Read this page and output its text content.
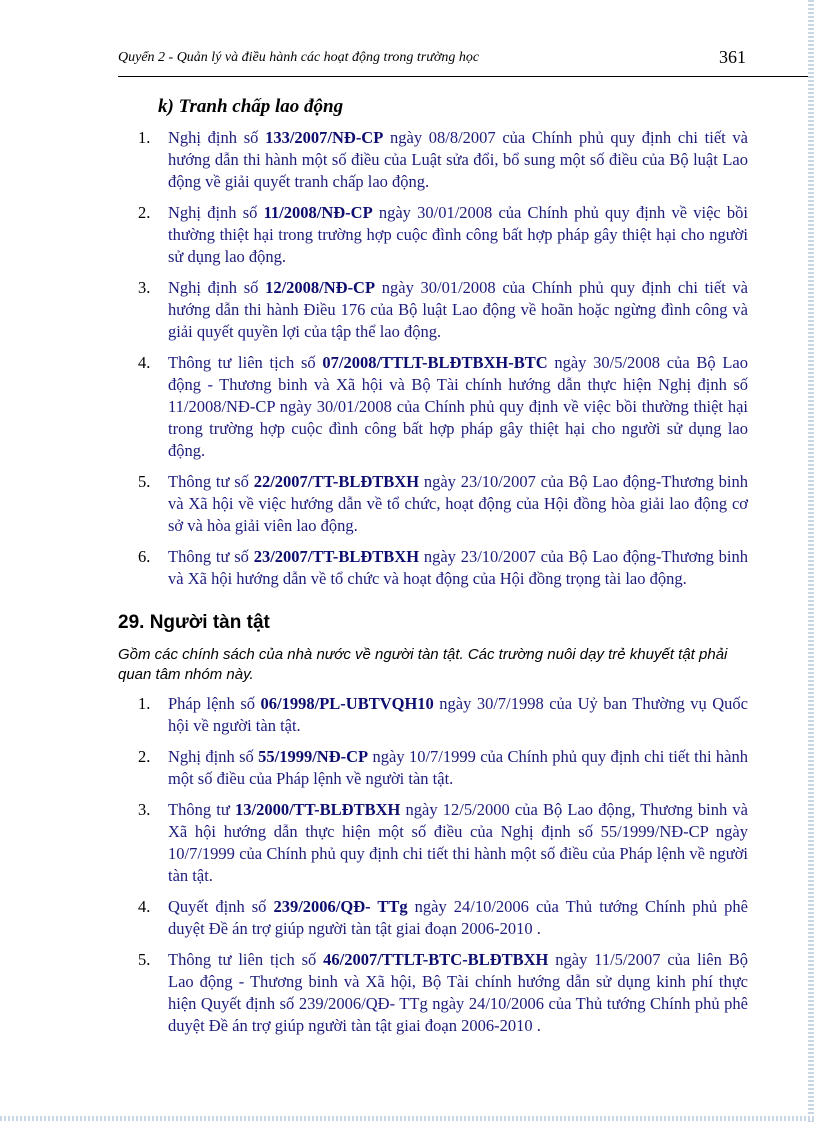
Quyển 2 - Quản lý và điều hành các hoạt động trong trường học	361
k) Tranh chấp lao động
1. Nghị định số 133/2007/NĐ-CP ngày 08/8/2007 của Chính phủ quy định chi tiết và hướng dẫn thi hành một số điều của Luật sửa đổi, bổ sung một số điều của Bộ luật Lao động về giải quyết tranh chấp lao động.
2. Nghị định số 11/2008/NĐ-CP ngày 30/01/2008 của Chính phủ quy định về việc bồi thường thiệt hại trong trường hợp cuộc đình công bất hợp pháp gây thiệt hại cho người sử dụng lao động.
3. Nghị định số 12/2008/NĐ-CP ngày 30/01/2008 của Chính phủ quy định chi tiết và hướng dẫn thi hành Điều 176 của Bộ luật Lao động về hoãn hoặc ngừng đình công và giải quyết quyền lợi của tập thể lao động.
4. Thông tư liên tịch số 07/2008/TTLT-BLĐTBXH-BTC ngày 30/5/2008 của Bộ Lao động - Thương binh và Xã hội và Bộ Tài chính hướng dẫn thực hiện Nghị định số 11/2008/NĐ-CP ngày 30/01/2008 của Chính phủ quy định về việc bồi thường thiệt hại trong trường hợp cuộc đình công bất hợp pháp gây thiệt hại cho người sử dụng lao động.
5. Thông tư số 22/2007/TT-BLĐTBXH ngày 23/10/2007 của Bộ Lao động-Thương binh và Xã hội về việc hướng dẫn về tổ chức, hoạt động của Hội đồng hòa giải lao động cơ sở và hòa giải viên lao động.
6. Thông tư số 23/2007/TT-BLĐTBXH ngày 23/10/2007 của Bộ Lao động-Thương binh và Xã hội hướng dẫn về tổ chức và hoạt động của Hội đồng trọng tài lao động.
29. Người tàn tật
Gồm các chính sách của nhà nước về người tàn tật. Các trường nuôi dạy trẻ khuyết tật phải quan tâm nhóm này.
1. Pháp lệnh số 06/1998/PL-UBTVQH10 ngày 30/7/1998 của Uỷ ban Thường vụ Quốc hội về người tàn tật.
2. Nghị định số 55/1999/NĐ-CP ngày 10/7/1999 của Chính phủ quy định chi tiết thi hành một số điều của Pháp lệnh về người tàn tật.
3. Thông tư 13/2000/TT-BLĐTBXH ngày 12/5/2000 của Bộ Lao động, Thương binh và Xã hội hướng dẫn thực hiện một số điều của Nghị định số 55/1999/NĐ-CP ngày 10/7/1999 của Chính phủ quy định chi tiết thi hành một số điều của Pháp lệnh về người tàn tật.
4. Quyết định số 239/2006/QĐ- TTg ngày 24/10/2006 của Thủ tướng Chính phủ phê duyệt Đề án trợ giúp người tàn tật giai đoạn 2006-2010 .
5. Thông tư liên tịch số 46/2007/TTLT-BTC-BLĐTBXH ngày 11/5/2007 của liên Bộ Lao động - Thương binh và Xã hội, Bộ Tài chính hướng dẫn sử dụng kinh phí thực hiện Quyết định số 239/2006/QĐ- TTg ngày 24/10/2006 của Thủ tướng Chính phủ phê duyệt Đề án trợ giúp người tàn tật giai đoạn 2006-2010 .
